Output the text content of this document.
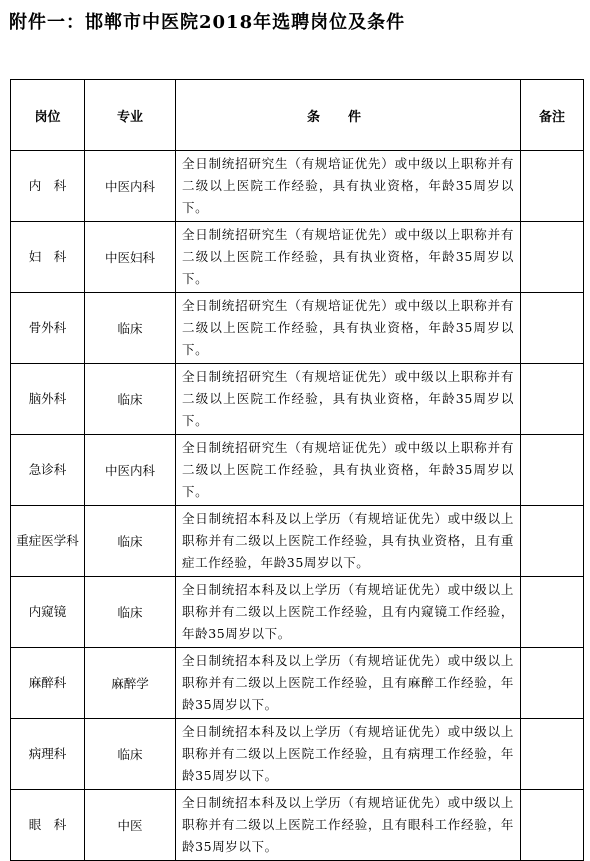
附件一：邯郸市中医院2018年选聘岗位及条件
岗位	专业	条件	备注
内　科	中医内科	全日制统招研究生（有规培证优先）或中级以上职称并有二级以上医院工作经验，具有执业资格，年龄35周岁以下。	
妇　科	中医妇科	全日制统招研究生（有规培证优先）或中级以上职称并有二级以上医院工作经验，具有执业资格，年龄35周岁以下。	
骨外科	临床	全日制统招研究生（有规培证优先）或中级以上职称并有二级以上医院工作经验，具有执业资格，年龄35周岁以下。	
脑外科	临床	全日制统招研究生（有规培证优先）或中级以上职称并有二级以上医院工作经验，具有执业资格，年龄35周岁以下。	
急诊科	中医内科	全日制统招研究生（有规培证优先）或中级以上职称并有二级以上医院工作经验，具有执业资格，年龄35周岁以下。	
重症医学科	临床	全日制统招本科及以上学历（有规培证优先）或中级以上职称并有二级以上医院工作经验，具有执业资格，且有重症工作经验，年龄35周岁以下。	
内窥镜	临床	全日制统招本科及以上学历（有规培证优先）或中级以上职称并有二级以上医院工作经验，且有内窥镜工作经验，年龄35周岁以下。	
麻醉科	麻醉学	全日制统招本科及以上学历（有规培证优先）或中级以上职称并有二级以上医院工作经验，且有麻醉工作经验，年龄35周岁以下。	
病理科	临床	全日制统招本科及以上学历（有规培证优先）或中级以上职称并有二级以上医院工作经验，且有病理工作经验，年龄35周岁以下。	
眼　科	中医	全日制统招本科及以上学历（有规培证优先）或中级以上职称并有二级以上医院工作经验，且有眼科工作经验，年龄35周岁以下。	
